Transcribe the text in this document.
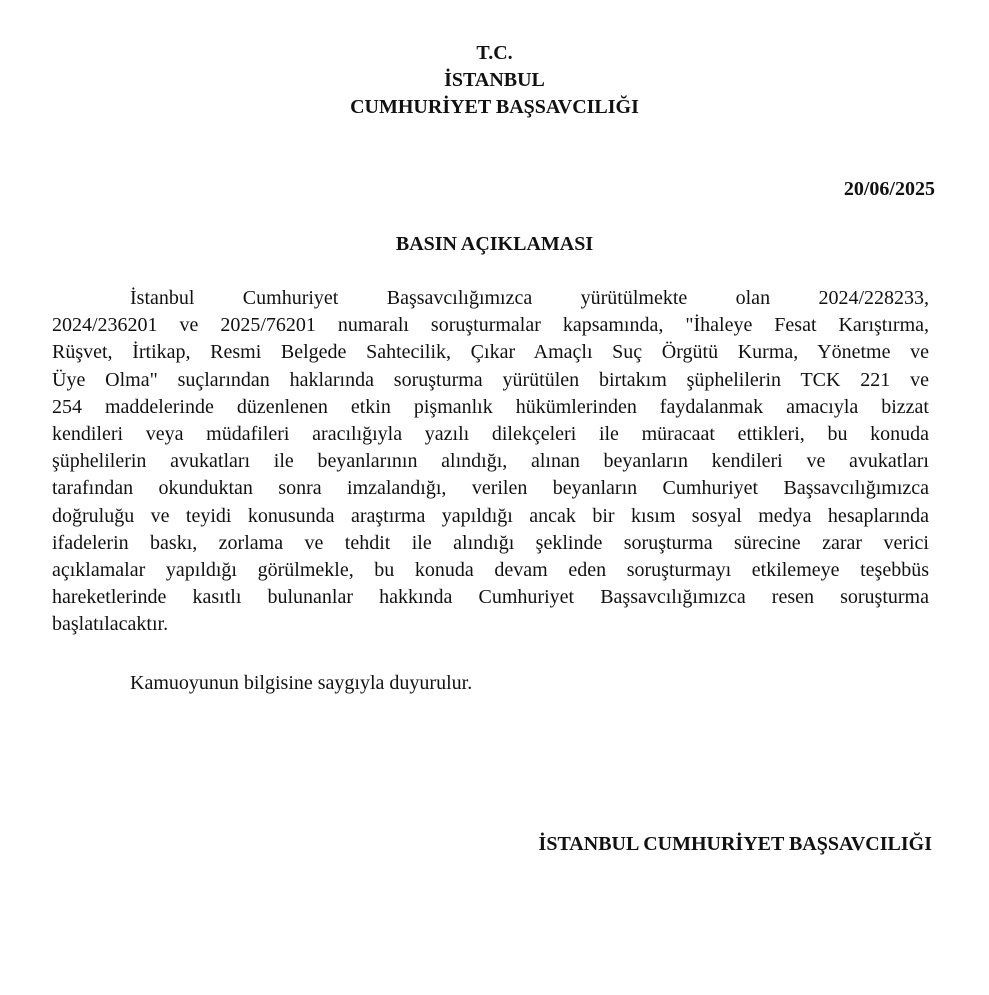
T.C.
İSTANBUL
CUMHURİYET BAŞSAVCILIĞI
20/06/2025
BASIN AÇIKLAMASI
İstanbul Cumhuriyet Başsavcılığımızca yürütülmekte olan 2024/228233,
2024/236201 ve 2025/76201 numaralı soruşturmalar kapsamında, "İhaleye Fesat Karıştırma,
Rüşvet, İrtikap, Resmi Belgede Sahtecilik, Çıkar Amaçlı Suç Örgütü Kurma, Yönetme ve
Üye Olma" suçlarından haklarında soruşturma yürütülen birtakım şüphelilerin TCK 221 ve
254 maddelerinde düzenlenen etkin pişmanlık hükümlerinden faydalanmak amacıyla bizzat
kendileri veya müdafileri aracılığıyla yazılı dilekçeleri ile müracaat ettikleri, bu konuda
şüphelilerin avukatları ile beyanlarının alındığı, alınan beyanların kendileri ve avukatları
tarafından okunduktan sonra imzalandığı, verilen beyanların Cumhuriyet Başsavcılığımızca
doğruluğu ve teyidi konusunda araştırma yapıldığı ancak bir kısım sosyal medya hesaplarında
ifadelerin baskı, zorlama ve tehdit ile alındığı şeklinde soruşturma sürecine zarar verici
açıklamalar yapıldığı görülmekle, bu konuda devam eden soruşturmayı etkilemeye teşebbüs
hareketlerinde kasıtlı bulunanlar hakkında Cumhuriyet Başsavcılığımızca resen soruşturma
başlatılacaktır.
Kamuoyunun bilgisine saygıyla duyurulur.
İSTANBUL CUMHURİYET BAŞSAVCILIĞI
